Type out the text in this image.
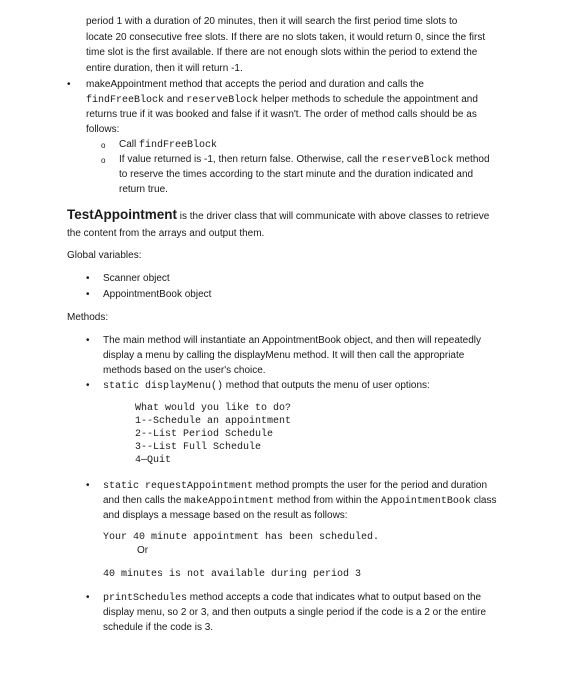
period 1 with a duration of 20 minutes, then it will search the first period time slots to

locate 20 consecutive free slots. If there are no slots taken, it would return 0, since the first

time slot is the first available. If there are not enough slots within the period to extend the

entire duration, then it will return -1.

• makeAppointment method that accepts the period and duration and calls the

findFreeBlock and reserveBlock helper methods to schedule the appointment and

returns true if it was booked and false if it wasn't. The order of method calls should be as

follows:

o Call findFreeBlock

o If value returned is -1, then return false. Otherwise, call the reserveBlock method

to reserve the times according to the start minute and the duration indicated and

return true.

TestAppointment is the driver class that will communicate with above classes to retrieve

the content from the arrays and output them.

Global variables:

• Scanner object

• AppointmentBook object

Methods:

• The main method will instantiate an AppointmentBook object, and then will repeatedly

display a menu by calling the displayMenu method. It will then call the appropriate

methods based on the user's choice.

• static displayMenu() method that outputs the menu of user options:

What would you like to do?
1--Schedule an appointment
2--List Period Schedule
3--List Full Schedule
4—Quit
• static requestAppointment method prompts the user for the period and duration

and then calls the makeAppointment method from within the AppointmentBook class

and displays a message based on the result as follows:

Your 40 minute appointment has been scheduled.

Or

40 minutes is not available during period 3
• printSchedules method accepts a code that indicates what to output based on the

display menu, so 2 or 3, and then outputs a single period if the code is a 2 or the entire

schedule if the code is 3.
